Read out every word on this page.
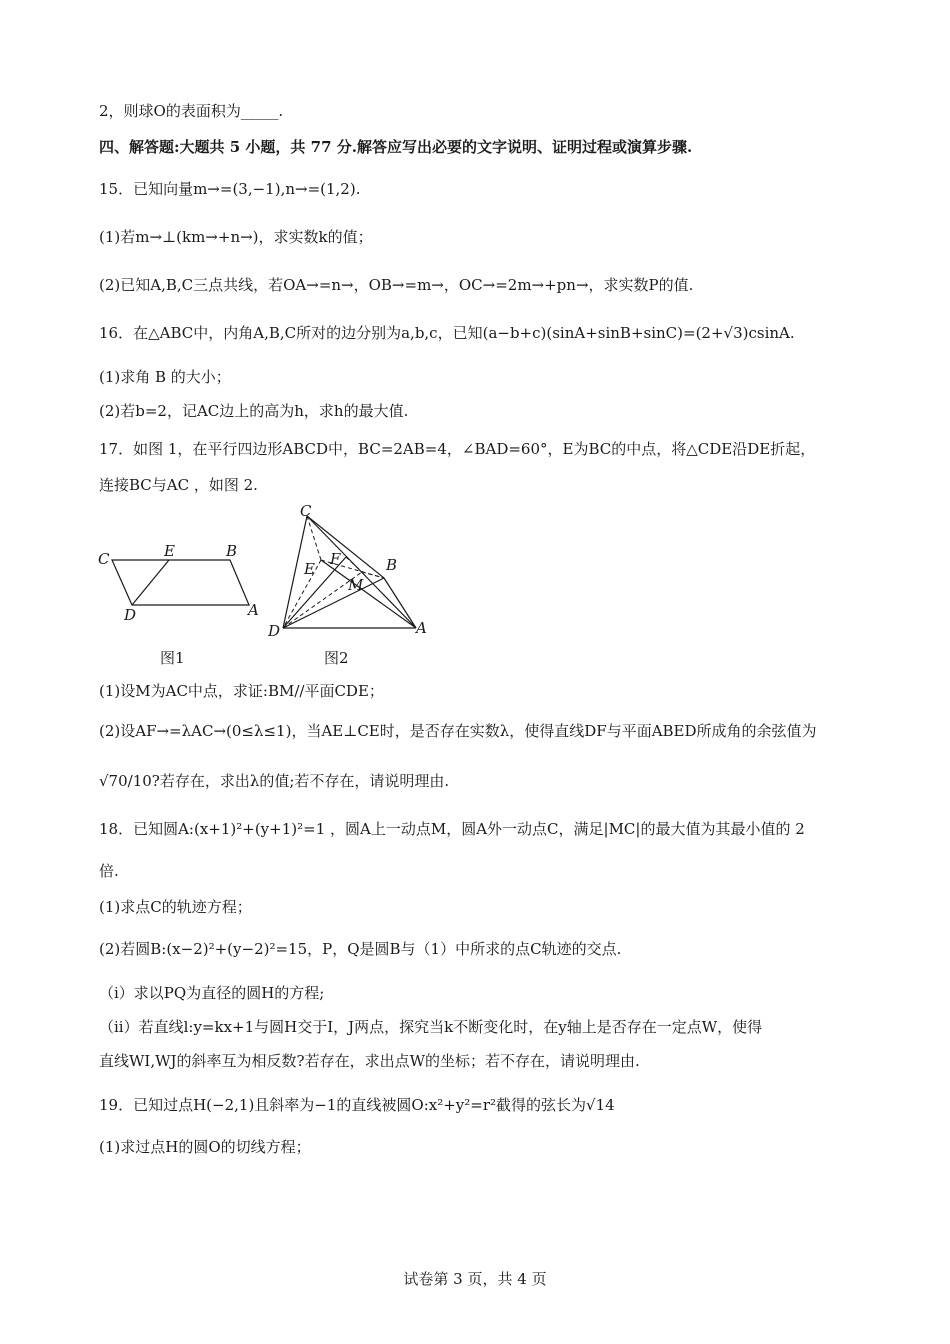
2，则球O的表面积为_____.
四、解答题:大题共 5 小题，共 77 分.解答应写出必要的文字说明、证明过程或演算步骤.
15．已知向量m→=(3,−1),n→=(1,2).
(1)若m→⊥(km→+n→)，求实数k的值；
(2)已知A,B,C三点共线，若OA→=n→，OB→=m→，OC→=2m→+pn→，求实数P的值.
16．在△ABC中，内角A,B,C所对的边分别为a,b,c，已知(a−b+c)(sinA+sinB+sinC)=(2+√3)csinA.
(1)求角 B 的大小；
(2)若b=2，记AC边上的高为h，求h的最大值.
17．如图 1，在平行四边形ABCD中，BC=2AB=4，∠BAD=60°，E为BC的中点，将△CDE沿DE折起，
连接BC与AC ，如图 2.
C	E	B
D	A
C
F
E	B
M
D	A
图1	图2
(1)设M为AC中点，求证:BM//平面CDE；
(2)设AF→=λAC→(0≤λ≤1)，当AE⊥CE时，是否存在实数λ，使得直线DF与平面ABED所成角的余弦值为
√70/10?若存在，求出λ的值;若不存在，请说明理由.
18．已知圆A:(x+1)²+(y+1)²=1 ，圆A上一动点M，圆A外一动点C，满足|MC|的最大值为其最小值的 2
倍.
(1)求点C的轨迹方程；
(2)若圆B:(x−2)²+(y−2)²=15，P，Q是圆B与（1）中所求的点C轨迹的交点.
（i）求以PQ为直径的圆H的方程;
（ii）若直线l:y=kx+1与圆H交于I，J两点，探究当k不断变化时，在y轴上是否存在一定点W，使得
直线WI,WJ的斜率互为相反数?若存在，求出点W的坐标；若不存在，请说明理由.
19．已知过点H(−2,1)且斜率为−1的直线被圆O:x²+y²=r²截得的弦长为√14
(1)求过点H的圆O的切线方程；
试卷第 3 页，共 4 页
